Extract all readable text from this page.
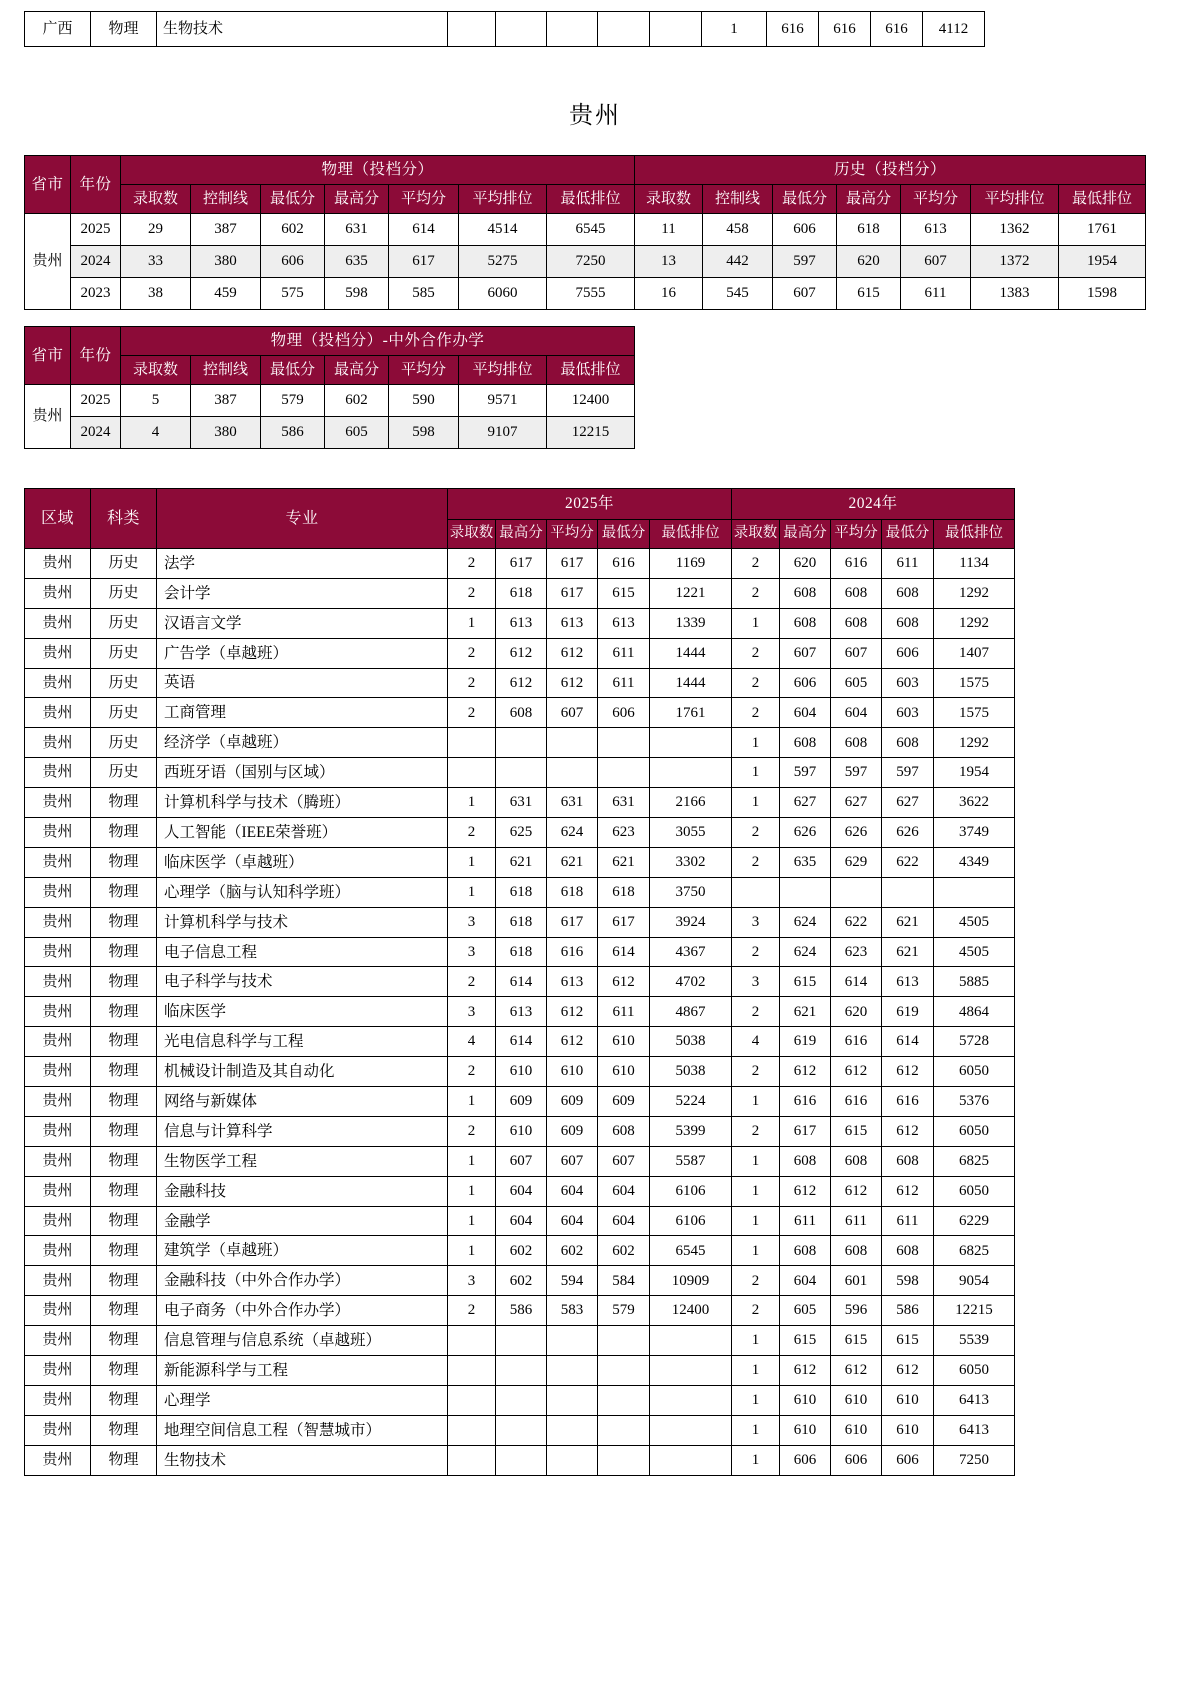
广西	物理	生物技术						1	616	616	616	4112
贵州
省市	年份	物理（投档分）							历史（投档分）						
		录取数	控制线	最低分	最高分	平均分	平均排位	最低排位	录取数	控制线	最低分	最高分	平均分	平均排位	最低排位
贵州	2025	29	387	602	631	614	4514	6545	11	458	606	618	613	1362	1761
	2024	33	380	606	635	617	5275	7250	13	442	597	620	607	1372	1954
	2023	38	459	575	598	585	6060	7555	16	545	607	615	611	1383	1598
省市	年份	物理（投档分）-中外合作办学						
		录取数	控制线	最低分	最高分	平均分	平均排位	最低排位
贵州	2025	5	387	579	602	590	9571	12400
	2024	4	380	586	605	598	9107	12215
区域	科类	专业	2025年					2024年				
			录取数	最高分	平均分	最低分	最低排位	录取数	最高分	平均分	最低分	最低排位
贵州	历史	法学	2	617	617	616	1169	2	620	616	611	1134
贵州	历史	会计学	2	618	617	615	1221	2	608	608	608	1292
贵州	历史	汉语言文学	1	613	613	613	1339	1	608	608	608	1292
贵州	历史	广告学（卓越班）	2	612	612	611	1444	2	607	607	606	1407
贵州	历史	英语	2	612	612	611	1444	2	606	605	603	1575
贵州	历史	工商管理	2	608	607	606	1761	2	604	604	603	1575
贵州	历史	经济学（卓越班）						1	608	608	608	1292
贵州	历史	西班牙语（国别与区域）						1	597	597	597	1954
贵州	物理	计算机科学与技术（腾班）	1	631	631	631	2166	1	627	627	627	3622
贵州	物理	人工智能（IEEE荣誉班）	2	625	624	623	3055	2	626	626	626	3749
贵州	物理	临床医学（卓越班）	1	621	621	621	3302	2	635	629	622	4349
贵州	物理	心理学（脑与认知科学班）	1	618	618	618	3750					
贵州	物理	计算机科学与技术	3	618	617	617	3924	3	624	622	621	4505
贵州	物理	电子信息工程	3	618	616	614	4367	2	624	623	621	4505
贵州	物理	电子科学与技术	2	614	613	612	4702	3	615	614	613	5885
贵州	物理	临床医学	3	613	612	611	4867	2	621	620	619	4864
贵州	物理	光电信息科学与工程	4	614	612	610	5038	4	619	616	614	5728
贵州	物理	机械设计制造及其自动化	2	610	610	610	5038	2	612	612	612	6050
贵州	物理	网络与新媒体	1	609	609	609	5224	1	616	616	616	5376
贵州	物理	信息与计算科学	2	610	609	608	5399	2	617	615	612	6050
贵州	物理	生物医学工程	1	607	607	607	5587	1	608	608	608	6825
贵州	物理	金融科技	1	604	604	604	6106	1	612	612	612	6050
贵州	物理	金融学	1	604	604	604	6106	1	611	611	611	6229
贵州	物理	建筑学（卓越班）	1	602	602	602	6545	1	608	608	608	6825
贵州	物理	金融科技（中外合作办学）	3	602	594	584	10909	2	604	601	598	9054
贵州	物理	电子商务（中外合作办学）	2	586	583	579	12400	2	605	596	586	12215
贵州	物理	信息管理与信息系统（卓越班）						1	615	615	615	5539
贵州	物理	新能源科学与工程						1	612	612	612	6050
贵州	物理	心理学						1	610	610	610	6413
贵州	物理	地理空间信息工程（智慧城市）						1	610	610	610	6413
贵州	物理	生物技术						1	606	606	606	7250
